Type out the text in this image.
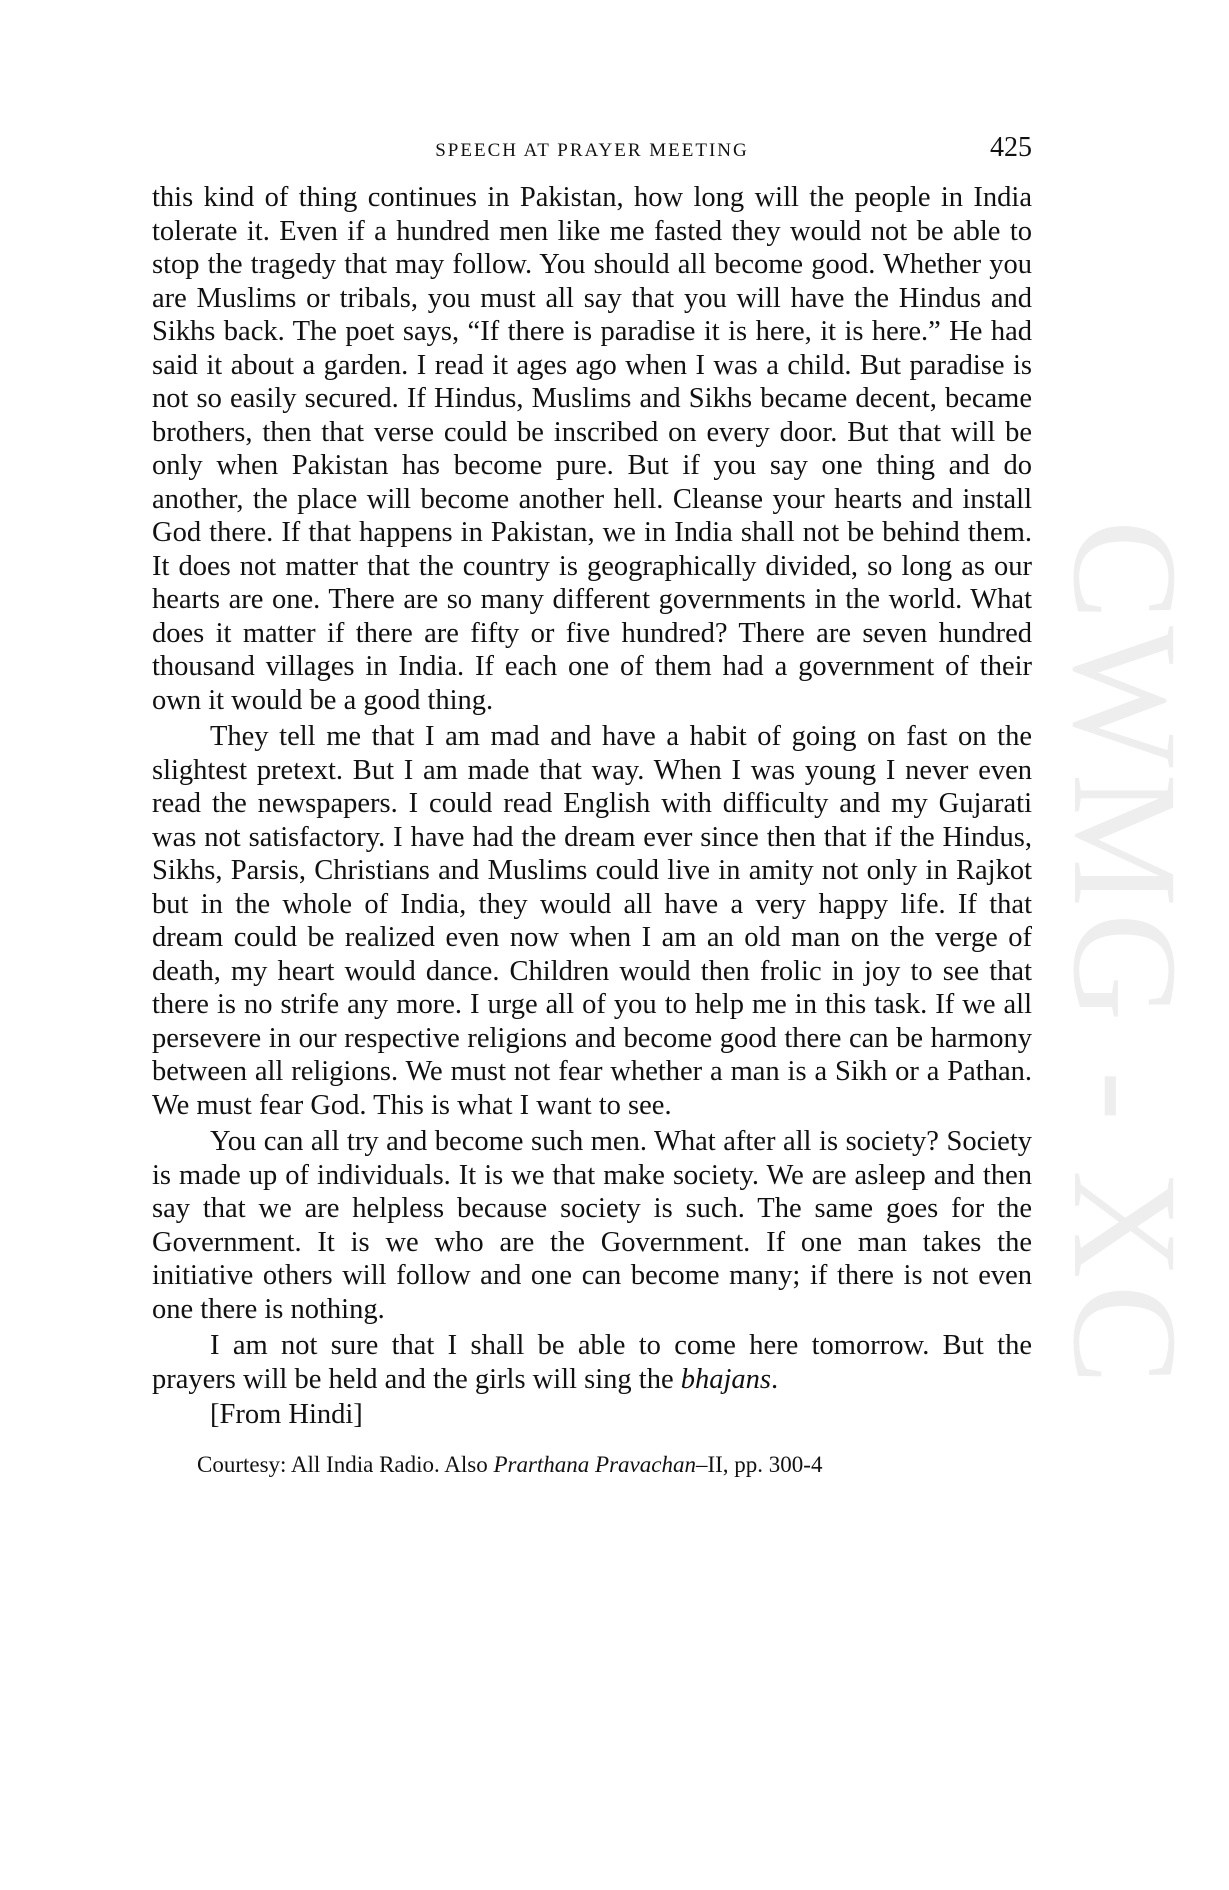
CWMG - XC
SPEECH AT PRAYER MEETING	425

this kind of thing continues in Pakistan, how long will the people in India tolerate it. Even if a hundred men like me fasted they would not be able to stop the tragedy that may follow. You should all become good. Whether you are Muslims or tribals, you must all say that you will have the Hindus and Sikhs back. The poet says, “If there is paradise it is here, it is here.” He had said it about a garden. I read it ages ago when I was a child. But paradise is not so easily secured. If Hindus, Muslims and Sikhs became decent, became brothers, then that verse could be inscribed on every door. But that will be only when Pakistan has become pure. But if you say one thing and do another, the place will become another hell. Cleanse your hearts and install God there. If that happens in Pakistan, we in India shall not be behind them. It does not matter that the country is geographically divided, so long as our hearts are one. There are so many different governments in the world. What does it matter if there are fifty or five hundred? There are seven hundred thousand villages in India. If each one of them had a government of their own it would be a good thing.

They tell me that I am mad and have a habit of going on fast on the slightest pretext. But I am made that way. When I was young I never even read the newspapers. I could read English with difficulty and my Gujarati was not satisfactory. I have had the dream ever since then that if the Hindus, Sikhs, Parsis, Christians and Muslims could live in amity not only in Rajkot but in the whole of India, they would all have a very happy life. If that dream could be realized even now when I am an old man on the verge of death, my heart would dance. Children would then frolic in joy to see that there is no strife any more. I urge all of you to help me in this task. If we all persevere in our respective religions and become good there can be harmony between all religions. We must not fear whether a man is a Sikh or a Pathan. We must fear God. This is what I want to see.

You can all try and become such men. What after all is society? Society is made up of individuals. It is we that make society. We are asleep and then say that we are helpless because society is such. The same goes for the Government. It is we who are the Government. If one man takes the initiative others will follow and one can become many; if there is not even one there is nothing.

I am not sure that I shall be able to come here tomorrow. But the prayers will be held and the girls will sing the bhajans.

[From Hindi]

Courtesy: All India Radio. Also Prarthana Pravachan–II, pp. 300-4
